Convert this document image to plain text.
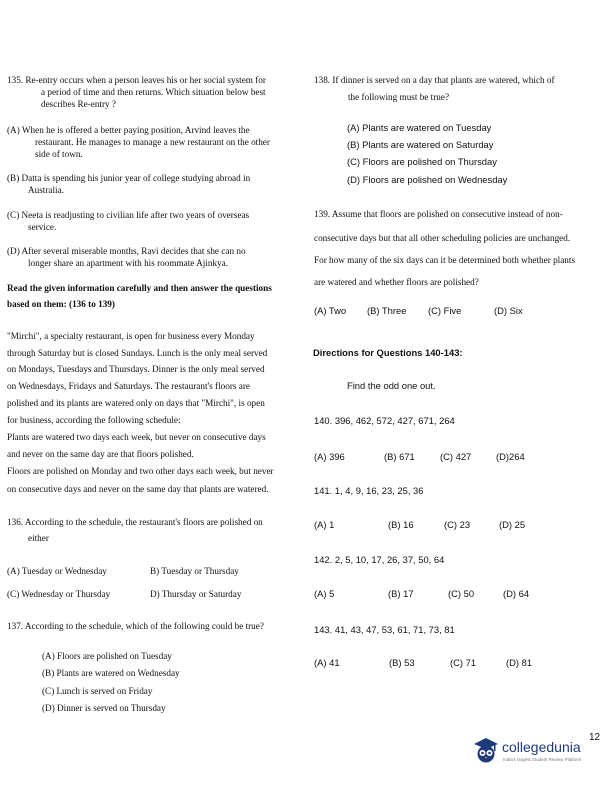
135. Re-entry occurs when a person leaves his or her social system for
a period of time and then returns. Which situation below best
describes Re-entry ?
(A) When he is offered a better paying position, Arvind leaves the
restaurant. He manages to manage a new restaurant on the other
side of town.
(B) Datta is spending his junior year of college studying abroad in
Australia.
(C) Neeta is readjusting to civilian life after two years of overseas
service.
(D) After several miserable months, Ravi decides that she can no
longer share an apartment with his roommate Ajinkya.
Read the given information carefully and then answer the questions
based on them: (136 to 139)
"Mirchi", a specialty restaurant, is open for business every Monday
through Saturday but is closed Sundays. Lunch is the only meal served
on Mondays, Tuesdays and Thursdays. Dinner is the only meal served
on Wednesdays, Fridays and Saturdays. The restaurant's floors are
polished and its plants are watered only on days that "Mirchi", is open
for business, according the following schedule:
Plants are watered two days each week, but never on consecutive days
and never on the same day are that floors polished.
Floors are polished on Monday and two other days each week, but never
on consecutive days and never on the same day that plants are watered.
136. According to the schedule, the restaurant's floors are polished on
either
(A) Tuesday or Wednesday	B) Tuesday or Thursday
(C) Wednesday or Thursday	D) Thursday or Saturday
137. According to the schedule, which of the following could be true?
(A) Floors are polished on Tuesday
(B) Plants are watered on Wednesday
(C) Lunch is served on Friday
(D) Dinner is served on Thursday
138. If dinner is served on a day that plants are watered, which of
the following must be true?
(A) Plants are watered on Tuesday
(B) Plants are watered on Saturday
(C) Floors are polished on Thursday
(D) Floors are polished on Wednesday
139. Assume that floors are polished on consecutive instead of non-
consecutive days but that all other scheduling policies are unchanged.
For how many of the six days can it be determined both whether plants
are watered and whether floors are polished?
(A) Two (B) Three (C) Five	(D) Six
Directions for Questions 140-143:
Find the odd one out.
140. 396, 462, 572, 427, 671, 264
(A) 396	(B) 671	(C) 427	(D)264
141. 1, 4, 9, 16, 23, 25, 36
(A) 1	(B) 16	(C) 23	(D) 25
142. 2, 5, 10, 17, 26, 37, 50, 64
(A) 5	(B) 17	(C) 50	(D) 64
143. 41, 43, 47, 53, 61, 71, 73, 81
(A) 41	(B) 53	(C) 71	(D) 81
12
collegedunia
India's largest Student Review Platform
